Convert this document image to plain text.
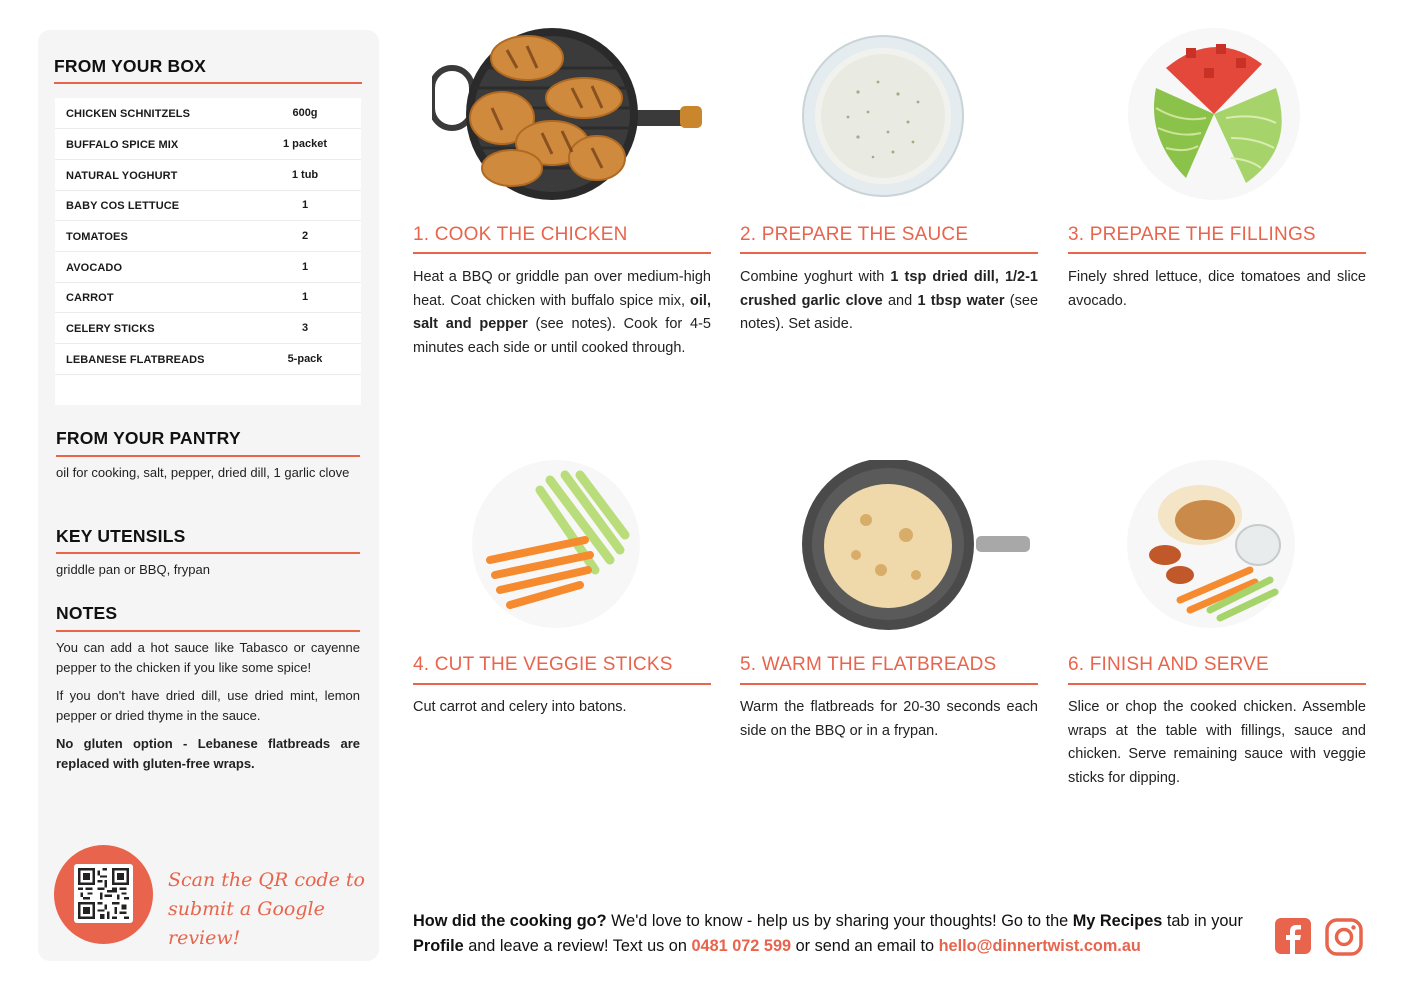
FROM YOUR BOX
CHICKEN SCHNITZELS	600g
BUFFALO SPICE MIX	1 packet
NATURAL YOGHURT	1 tub
BABY COS LETTUCE	1
TOMATOES	2
AVOCADO	1
CARROT	1
CELERY STICKS	3
LEBANESE FLATBREADS	5-pack
FROM YOUR PANTRY
oil for cooking, salt, pepper, dried dill, 1 garlic clove
KEY UTENSILS
griddle pan or BBQ, frypan
NOTES
You can add a hot sauce like Tabasco or cayenne pepper to the chicken if you like some spice!
If you don't have dried dill, use dried mint, lemon pepper or dried thyme in the sauce.
No gluten option - Lebanese flatbreads are replaced with gluten-free wraps.
Scan the QR code to
submit a Google review!
1. COOK THE CHICKEN
Heat a BBQ or griddle pan over medium-high heat. Coat chicken with buffalo spice mix, oil, salt and pepper (see notes). Cook for 4-5 minutes each side or until cooked through.
2. PREPARE THE SAUCE
Combine yoghurt with 1 tsp dried dill, 1/2-1 crushed garlic clove and 1 tbsp water (see notes). Set aside.
3. PREPARE THE FILLINGS
Finely shred lettuce, dice tomatoes and slice avocado.
4. CUT THE VEGGIE STICKS
Cut carrot and celery into batons.
5. WARM THE FLATBREADS
Warm the flatbreads for 20-30 seconds each side on the BBQ or in a frypan.
6. FINISH AND SERVE
Slice or chop the cooked chicken. Assemble wraps at the table with fillings, sauce and chicken. Serve remaining sauce with veggie sticks for dipping.
How did the cooking go? We'd love to know - help us by sharing your thoughts! Go to the My Recipes tab in your Profile and leave a review! Text us on 0481 072 599 or send an email to hello@dinnertwist.com.au
